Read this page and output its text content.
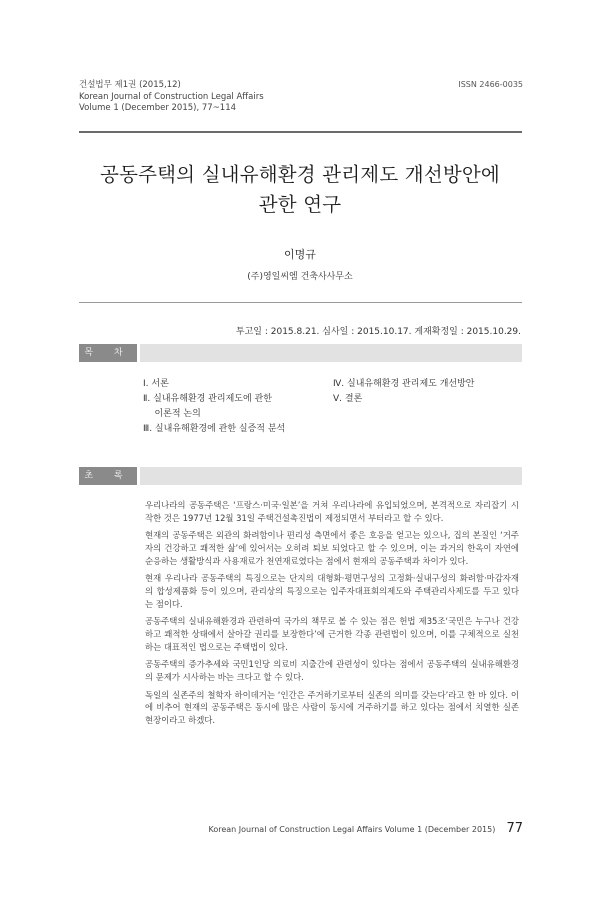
건설법무 제1권 (2015,12)
Korean Journal of Construction Legal Affairs
Volume 1 (December 2015), 77~114
ISSN 2466-0035
공동주택의 실내유해환경 관리제도 개선방안에
관한 연구
이명규
(주)영일씨엠 건축사사무소
투고일 : 2015.8.21. 심사일 : 2015.10.17. 게재확정일 : 2015.10.29.
목 차
Ⅰ. 서론
Ⅱ. 실내유해환경 관리제도에 관한
이론적 논의
Ⅲ. 실내유해환경에 관한 실증적 분석
Ⅳ. 실내유해환경 관리제도 개선방안
Ⅴ. 결론
초 록

우리나라의 공동주택은 ‘프랑스·미국·일본’을 거쳐 우리나라에 유입되었으며, 본격적으로 자리잡기 시작한 것은 1977년 12월 31일 주택건설촉진법이 제정되면서 부터라고 할 수 있다.

현재의 공동주택은 외관의 화려함이나 편리성 측면에서 좋은 호응을 얻고는 있으나, 집의 본질인 ‘거주자의 건강하고 쾌적한 삶’에 있어서는 오히려 퇴보 되었다고 할 수 있으며, 이는 과거의 한옥이 자연에 순응하는 생활방식과 사용재료가 천연재료였다는 점에서 현재의 공동주택과 차이가 있다.

현재 우리나라 공동주택의 특징으로는 단지의 대형화·평면구성의 고정화·실내구성의 화려함·마감자재의 합성제품화 등이 있으며, 관리상의 특징으로는 입주자대표회의제도와 주택관리사제도를 두고 있다는 점이다.

공동주택의 실내유해환경과 관련하여 국가의 책무로 볼 수 있는 점은 헌법 제35조‘국민은 누구나 건강하고 쾌적한 상태에서 살아갈 권리를 보장한다’에 근거한 각종 관련법이 있으며, 이를 구체적으로 실천하는 대표적인 법으로는 주택법이 있다.

공동주택의 증가추세와 국민1인당 의료비 지출간에 관련성이 있다는 점에서 공동주택의 실내유해환경의 문제가 시사하는 바는 크다고 할 수 있다.

독일의 실존주의 철학자 하이데거는 ‘인간은 주거하기로부터 실존의 의미를 갖는다’라고 한 바 있다. 이에 비추어 현재의 공동주택은 동시에 많은 사람이 동시에 거주하기를 하고 있다는 점에서 치열한 실존 현장이라고 하겠다.

Korean Journal of Construction Legal Affairs Volume 1 (December 2015) 77
